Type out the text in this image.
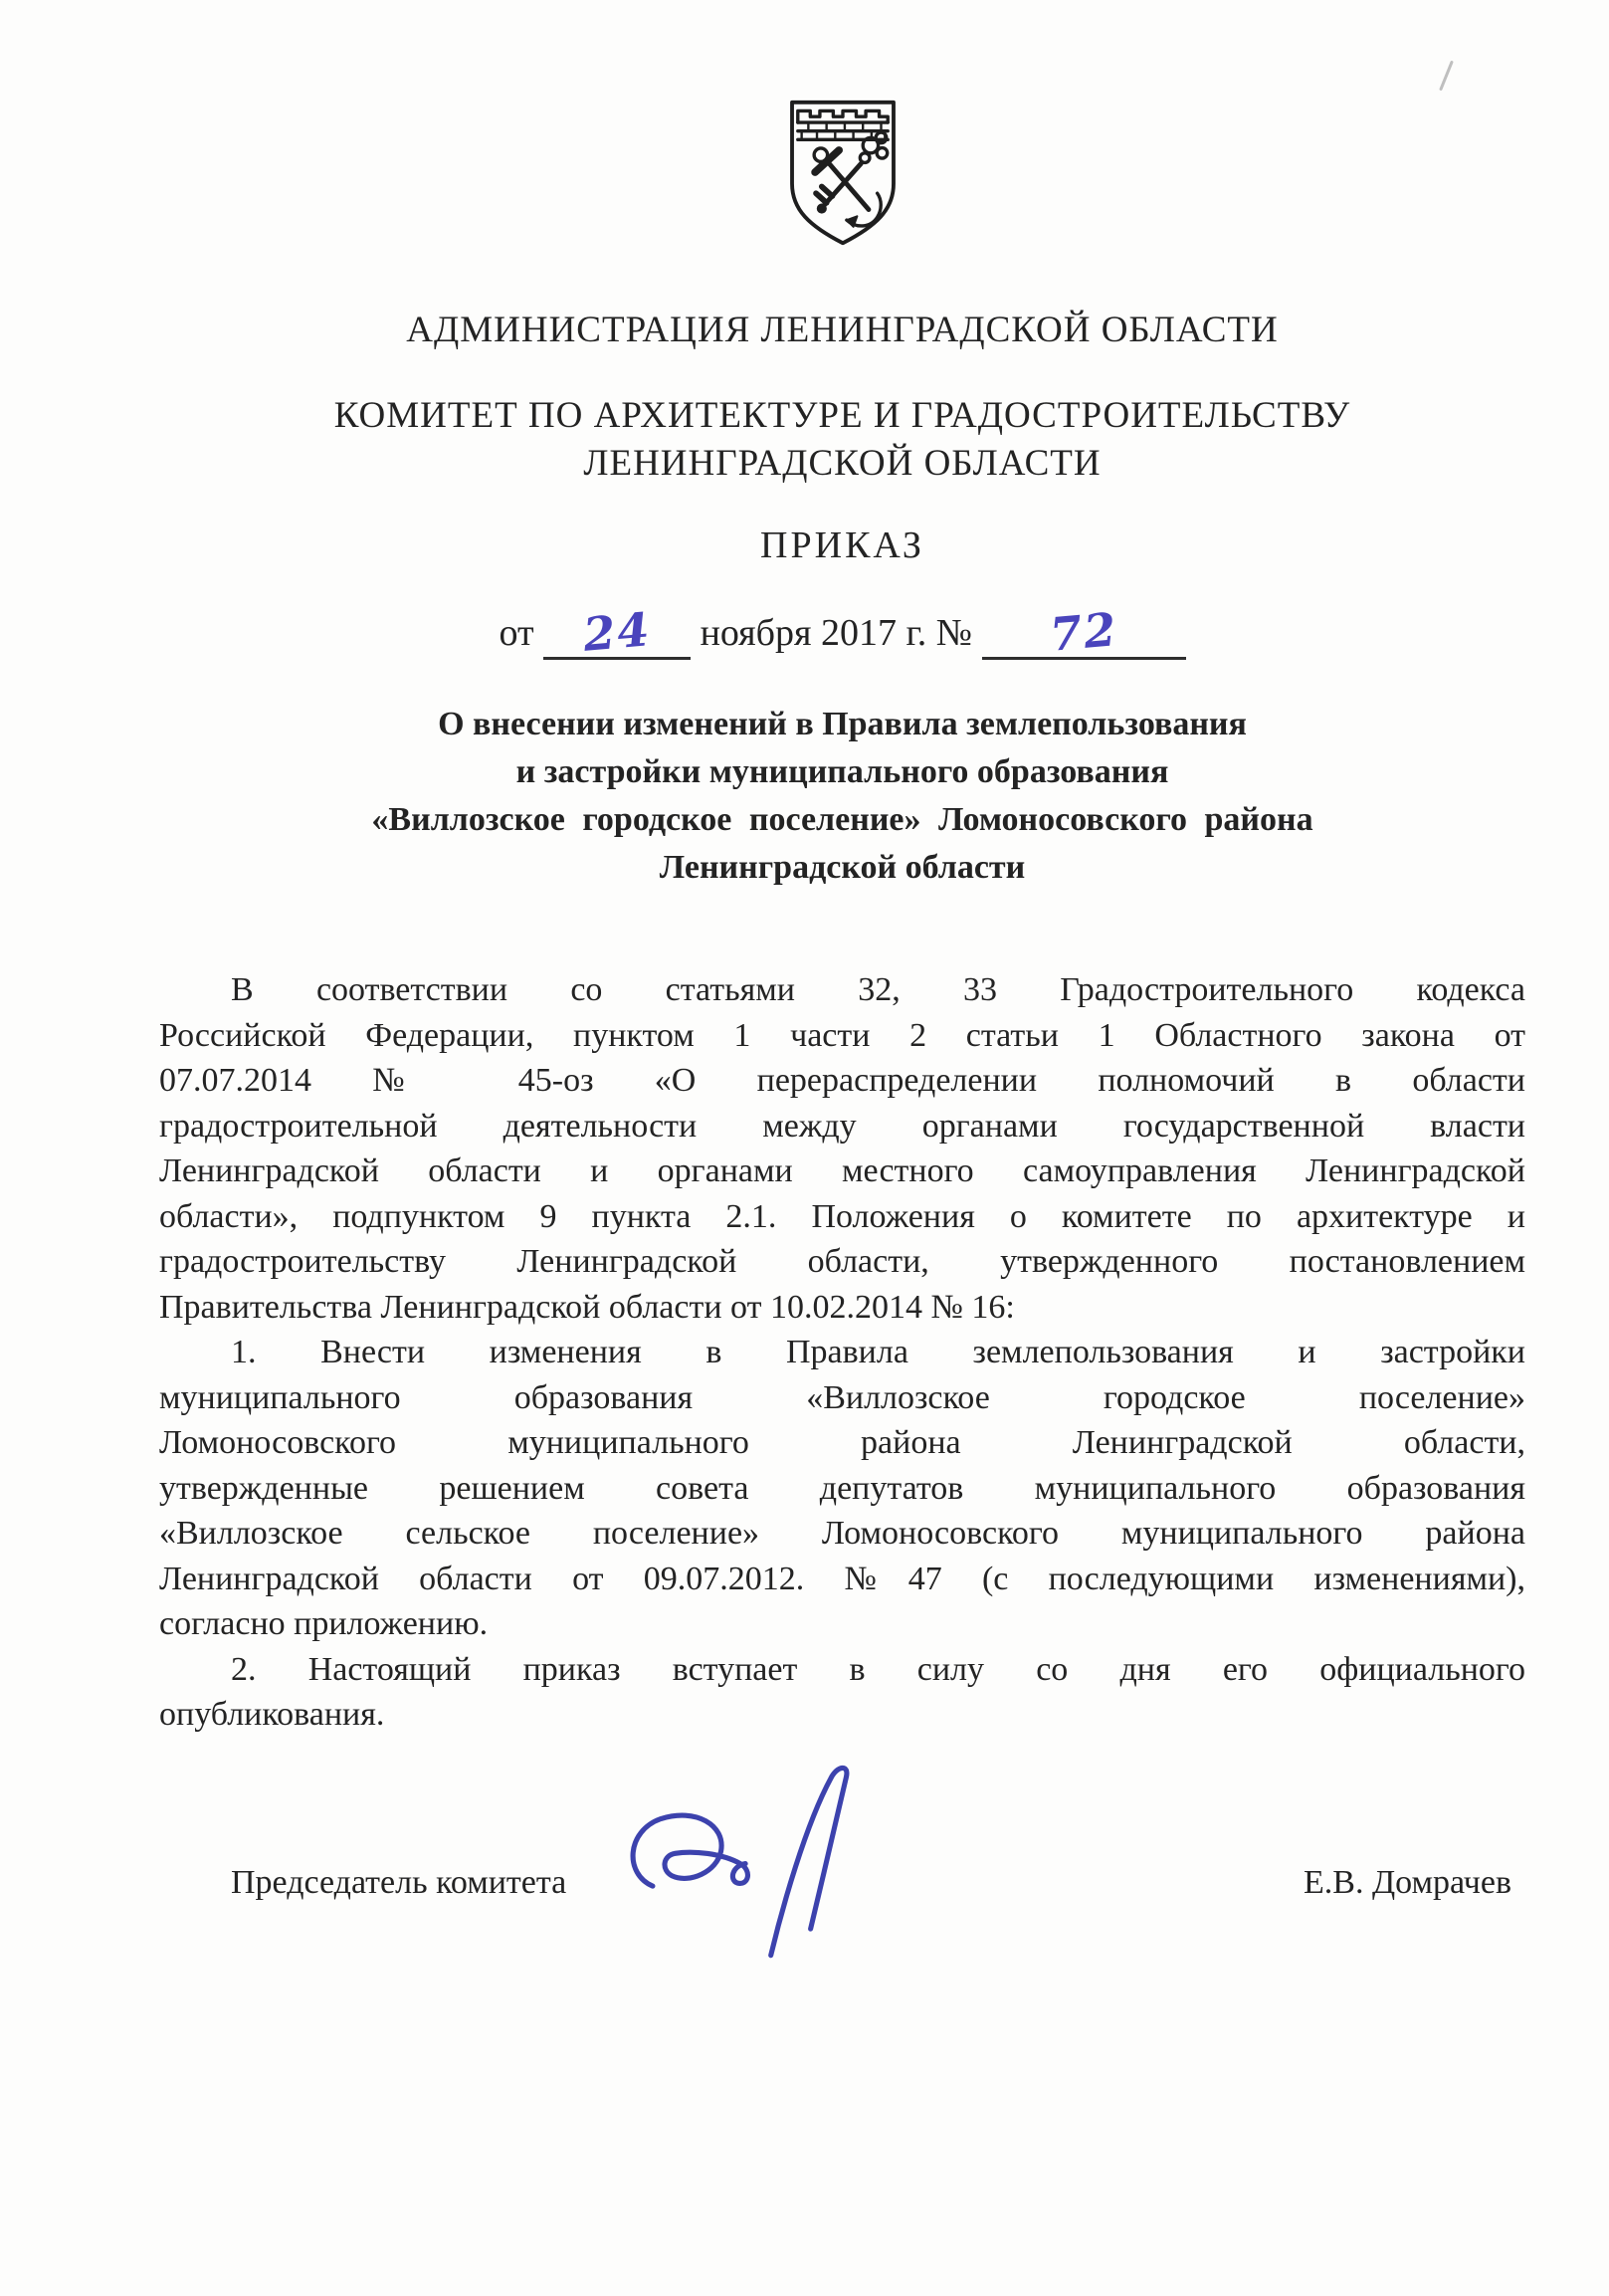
АДМИНИСТРАЦИЯ ЛЕНИНГРАДСКОЙ ОБЛАСТИ
КОМИТЕТ ПО АРХИТЕКТУРЕ И ГРАДОСТРОИТЕЛЬСТВУ
ЛЕНИНГРАДСКОЙ ОБЛАСТИ
ПРИКАЗ
от 24 ноября 2017 г. № 72
О внесении изменений в Правила землепользования
и застройки муниципального образования
«Виллозское городское поселение» Ломоносовского района
Ленинградской области
В соответствии со статьями 32, 33 Градостроительного кодекса
Российской Федерации, пунктом 1 части 2 статьи 1 Областного закона от
07.07.2014 № 45-оз «О перераспределении полномочий в области
градостроительной деятельности между органами государственной власти
Ленинградской области и органами местного самоуправления Ленинградской
области», подпунктом 9 пункта 2.1. Положения о комитете по архитектуре и
градостроительству Ленинградской области, утвержденного постановлением
Правительства Ленинградской области от 10.02.2014 № 16:
1. Внести изменения в Правила землепользования и застройки
муниципального образования «Виллозское городское поселение»
Ломоносовского муниципального района Ленинградской области,
утвержденные решением совета депутатов муниципального образования
«Виллозское сельское поселение» Ломоносовского муниципального района
Ленинградской области от 09.07.2012. №47 (с последующими изменениями),
согласно приложению.
2. Настоящий приказ вступает в силу со дня его официального
опубликования.
Председатель комитета	Е.В. Домрачев
